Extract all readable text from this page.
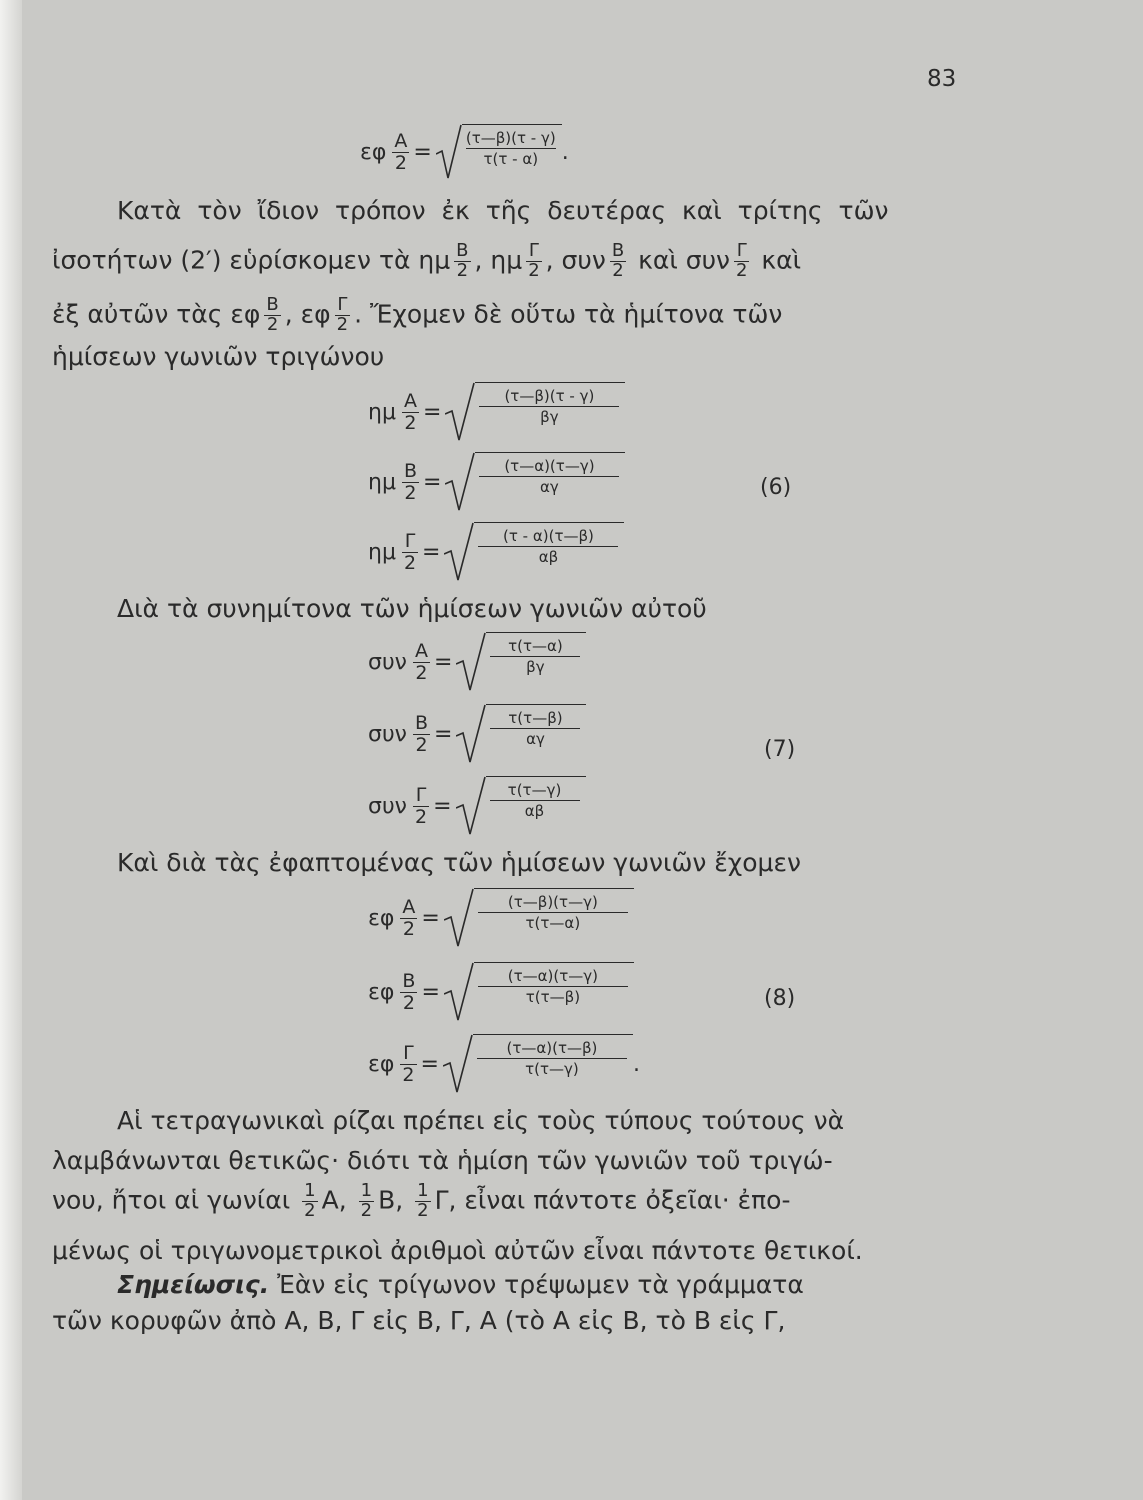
83
εφ $\frac{A}{2} = \frac{(\tau—\beta)(\tau - \gamma)}{\tau(\tau - \alpha)}$ .
Κατὰ τὸν ἴδιον τρόπον ἐκ τῆς δευτέρας καὶ τρίτης τῶν
ἰσοτήτων (2′) εὑρίσκομεν τὰ ημ $\frac{B}{2}$ , ημ $\frac{\Gamma}{2}$ , συν $\frac{B}{2}$ καὶ συν $\frac{\Gamma}{2}$ καὶ
ἐξ αὐτῶν τὰς εφ $\frac{B}{2}$ , εφ $\frac{\Gamma}{2}$ . Ἔχομεν δὲ οὕτω τὰ ἡμίτονα τῶν
ἡμίσεων γωνιῶν τριγώνου
ημ $\frac{A}{2}$ =
(τ—β)(τ - γ)
βγ
ημ $\frac{B}{2}$ =
(τ—α)(τ—γ)
αγ	(6)
ημ $\frac{\Gamma}{2}$ =
(τ - α)(τ—β)
αβ
Διὰ τὰ συνημίτονα τῶν ἡμίσεων γωνιῶν αὐτοῦ
συν $\frac{A}{2}$ =
τ(τ—α)
βγ
συν $\frac{B}{2}$ =
τ(τ—β)
αγ	(7)
συν $\frac{\Gamma}{2}$ =
τ(τ—γ)
αβ
Καὶ διὰ τὰς ἐφαπτομένας τῶν ἡμίσεων γωνιῶν ἔχομεν
εφ $\frac{A}{2}$ =
(τ—β)(τ—γ)
τ(τ—α)
εφ $\frac{B}{2}$ =
(τ—α)(τ—γ)
τ(τ—β)	(8)
εφ $\frac{\Gamma}{2}$ =
(τ—α)(τ—β)
τ(τ—γ)	.
Αἱ τετραγωνικαὶ ρίζαι πρέπει εἰς τοὺς τύπους τούτους νὰ
λαμβάνωνται θετικῶς· διότι τὰ ἡμίση τῶν γωνιῶν τοῦ τριγώ-
νου, ἤτοι αἱ γωνίαι $\frac{1}{2} A$, $\frac{1}{2} B$, $\frac{1}{2} \Gamma$, εἶναι πάντοτε ὀξεῖαι· ἐπο-
μένως οἱ τριγωνομετρικοὶ ἀριθμοὶ αὐτῶν εἶναι πάντοτε θετικοί.
Σημείωσις. Ἐὰν εἰς τρίγωνον τρέψωμεν τὰ γράμματα
τῶν κορυφῶν ἀπὸ A, B, Γ εἰς B, Γ, A (τὸ A εἰς B, τὸ B εἰς Γ,
